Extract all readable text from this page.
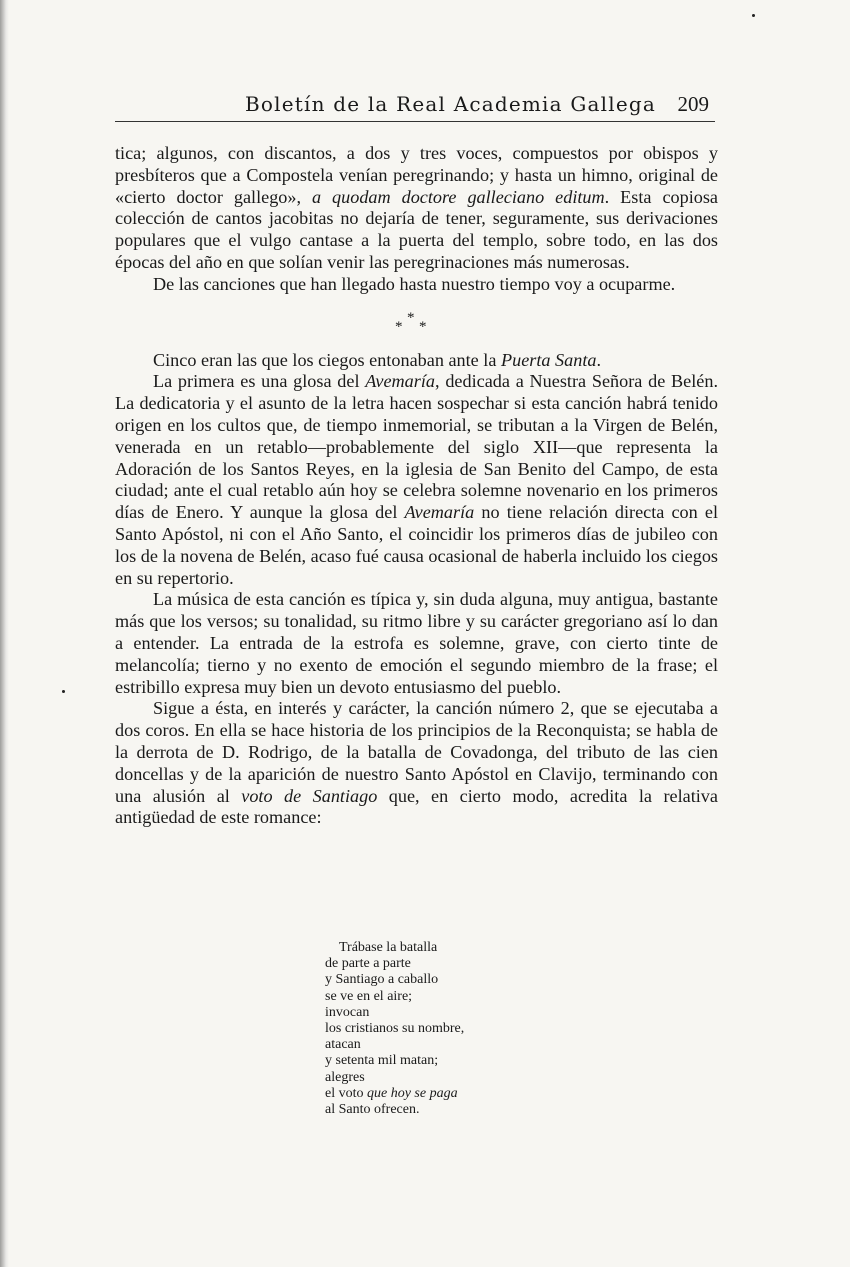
Boletín de la Real Academia Gallega 209

tica; algunos, con discantos, a dos y tres voces, compuestos por obispos y presbíteros que a Compostela venían peregrinando; y hasta un himno, original de «cierto doctor gallego», a quodam doctore galleciano editum. Esta copiosa colección de cantos jacobitas no dejaría de tener, seguramente, sus derivaciones populares que el vulgo cantase a la puerta del templo, sobre todo, en las dos épocas del año en que solían venir las peregrinaciones más numerosas.

De las canciones que han llegado hasta nuestro tiempo voy a ocuparme.

*
* *

Cinco eran las que los ciegos entonaban ante la Puerta Santa.

La primera es una glosa del Avemaría, dedicada a Nuestra Señora de Belén. La dedicatoria y el asunto de la letra hacen sospechar si esta canción habrá tenido origen en los cultos que, de tiempo inmemorial, se tributan a la Virgen de Belén, venerada en un retablo—probablemente del siglo XII—que representa la Adoración de los Santos Reyes, en la iglesia de San Benito del Campo, de esta ciudad; ante el cual retablo aún hoy se celebra solemne novenario en los primeros días de Enero. Y aunque la glosa del Avemaría no tiene relación directa con el Santo Apóstol, ni con el Año Santo, el coincidir los primeros días de jubileo con los de la novena de Belén, acaso fué causa ocasional de haberla incluido los ciegos en su repertorio.

La música de esta canción es típica y, sin duda alguna, muy antigua, bastante más que los versos; su tonalidad, su ritmo libre y su carácter gregoriano así lo dan a entender. La entrada de la estrofa es solemne, grave, con cierto tinte de melancolía; tierno y no exento de emoción el segundo miembro de la frase; el estribillo expresa muy bien un devoto entusiasmo del pueblo.

Sigue a ésta, en interés y carácter, la canción número 2, que se ejecutaba a dos coros. En ella se hace historia de los principios de la Reconquista; se habla de la derrota de D. Rodrigo, de la batalla de Covadonga, del tributo de las cien doncellas y de la aparición de nuestro Santo Apóstol en Clavijo, terminando con una alusión al voto de Santiago que, en cierto modo, acredita la relativa antigüedad de este romance:

Trábase la batalla
de parte a parte
y Santiago a caballo
se ve en el aire;
invocan
los cristianos su nombre,
atacan
y setenta mil matan;
alegres
el voto que hoy se paga
al Santo ofrecen.
